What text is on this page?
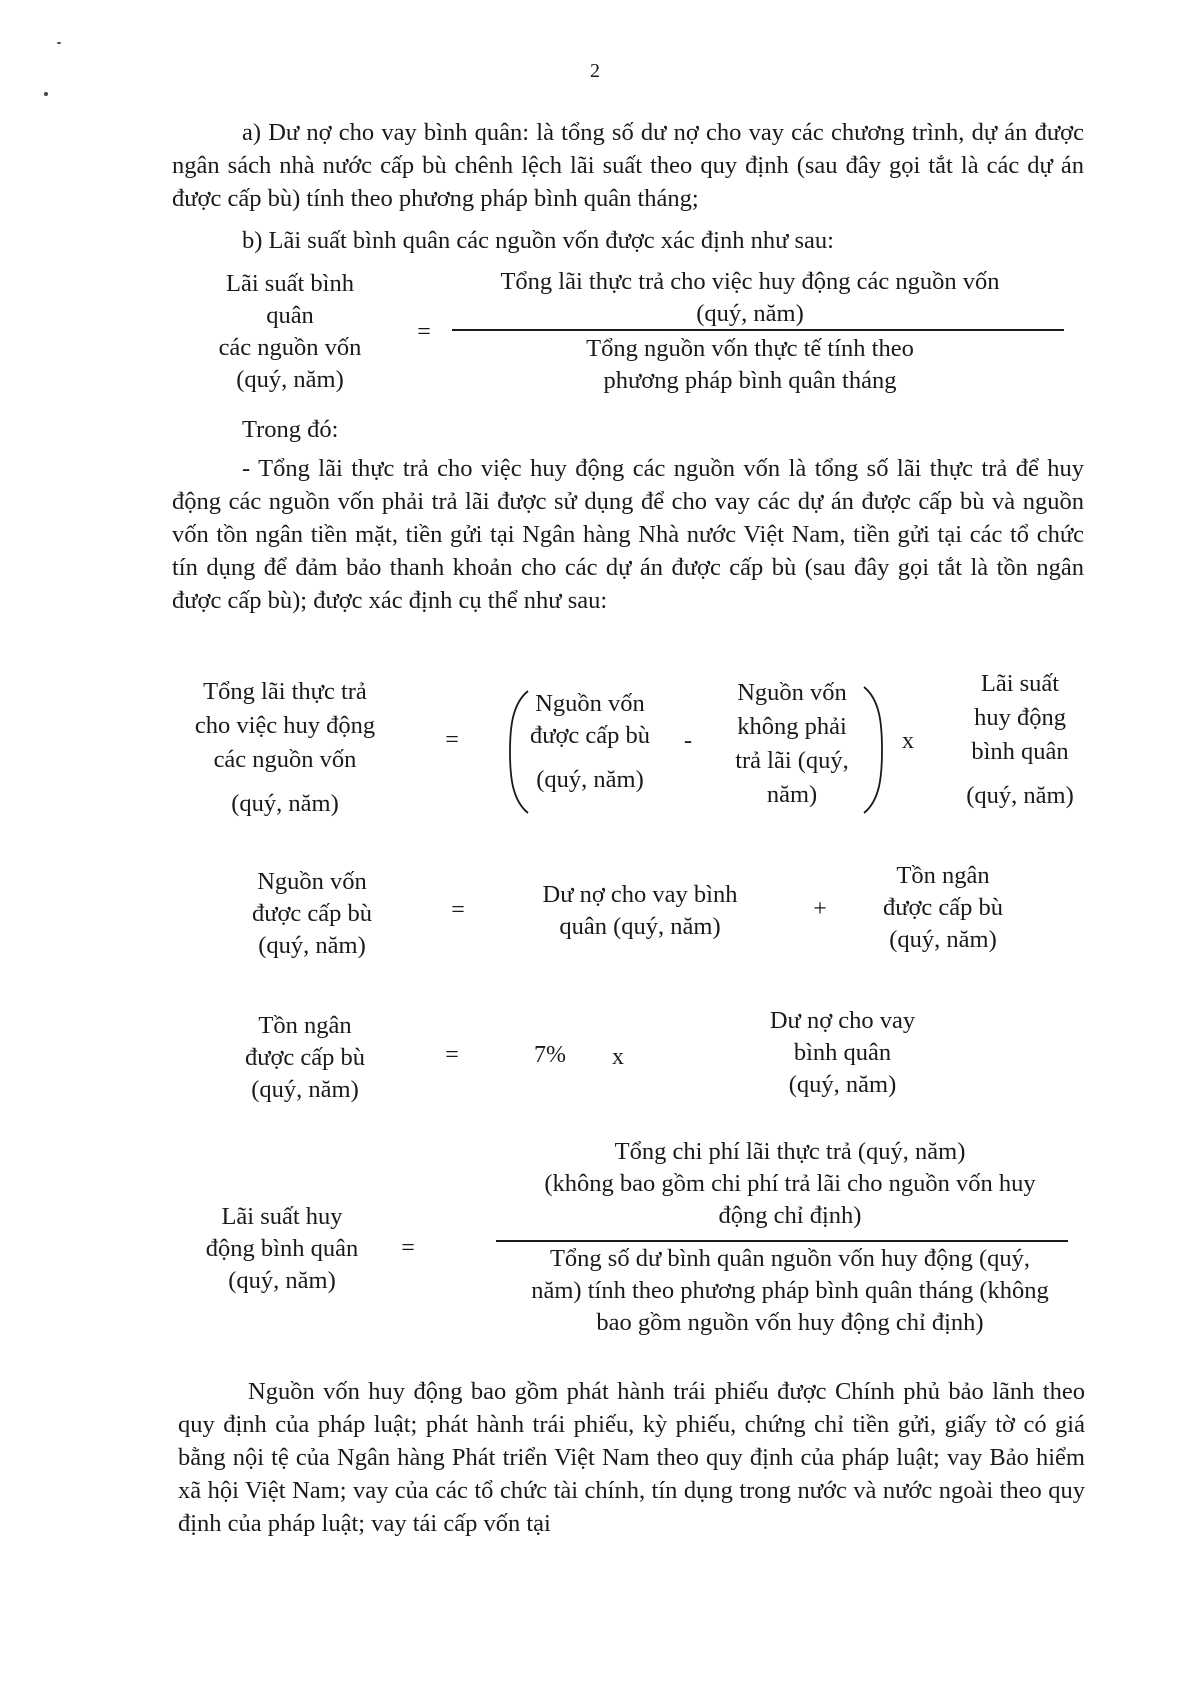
2
a) Dư nợ cho vay bình quân: là tổng số dư nợ cho vay các chương trình, dự án được ngân sách nhà nước cấp bù chênh lệch lãi suất theo quy định (sau đây gọi tắt là các dự án được cấp bù) tính theo phương pháp bình quân tháng;
b) Lãi suất bình quân các nguồn vốn được xác định như sau:
Lãi suất bình
quân
các nguồn vốn
(quý, năm)
=
Tổng lãi thực trả cho việc huy động các nguồn vốn
(quý, năm)
Tổng nguồn vốn thực tế tính theo
phương pháp bình quân tháng
Trong đó:
- Tổng lãi thực trả cho việc huy động các nguồn vốn là tổng số lãi thực trả để huy động các nguồn vốn phải trả lãi được sử dụng để cho vay các dự án được cấp bù và nguồn vốn tồn ngân tiền mặt, tiền gửi tại Ngân hàng Nhà nước Việt Nam, tiền gửi tại các tổ chức tín dụng để đảm bảo thanh khoản cho các dự án được cấp bù (sau đây gọi tắt là tồn ngân được cấp bù); được xác định cụ thể như sau:
Tổng lãi thực trả
cho việc huy động
các nguồn vốn
(quý, năm)
=
Nguồn vốn
được cấp bù
(quý, năm)
-
Nguồn vốn
không phải
trả lãi (quý,
năm)
x
Lãi suất
huy động
bình quân
(quý, năm)
Nguồn vốn
được cấp bù
(quý, năm)
=
Dư nợ cho vay bình
quân (quý, năm)
+
Tồn ngân
được cấp bù
(quý, năm)
Tồn ngân
được cấp bù
(quý, năm)
=	7%	x
Dư nợ cho vay
bình quân
(quý, năm)
Lãi suất huy
động bình quân
(quý, năm)
=
Tổng chi phí lãi thực trả (quý, năm)
(không bao gồm chi phí trả lãi cho nguồn vốn huy
động chỉ định)
Tổng số dư bình quân nguồn vốn huy động (quý,
năm) tính theo phương pháp bình quân tháng (không
bao gồm nguồn vốn huy động chỉ định)
Nguồn vốn huy động bao gồm phát hành trái phiếu được Chính phủ bảo lãnh theo quy định của pháp luật; phát hành trái phiếu, kỳ phiếu, chứng chỉ tiền gửi, giấy tờ có giá bằng nội tệ của Ngân hàng Phát triển Việt Nam theo quy định của pháp luật; vay Bảo hiểm xã hội Việt Nam; vay của các tổ chức tài chính, tín dụng trong nước và nước ngoài theo quy định của pháp luật; vay tái cấp vốn tại
